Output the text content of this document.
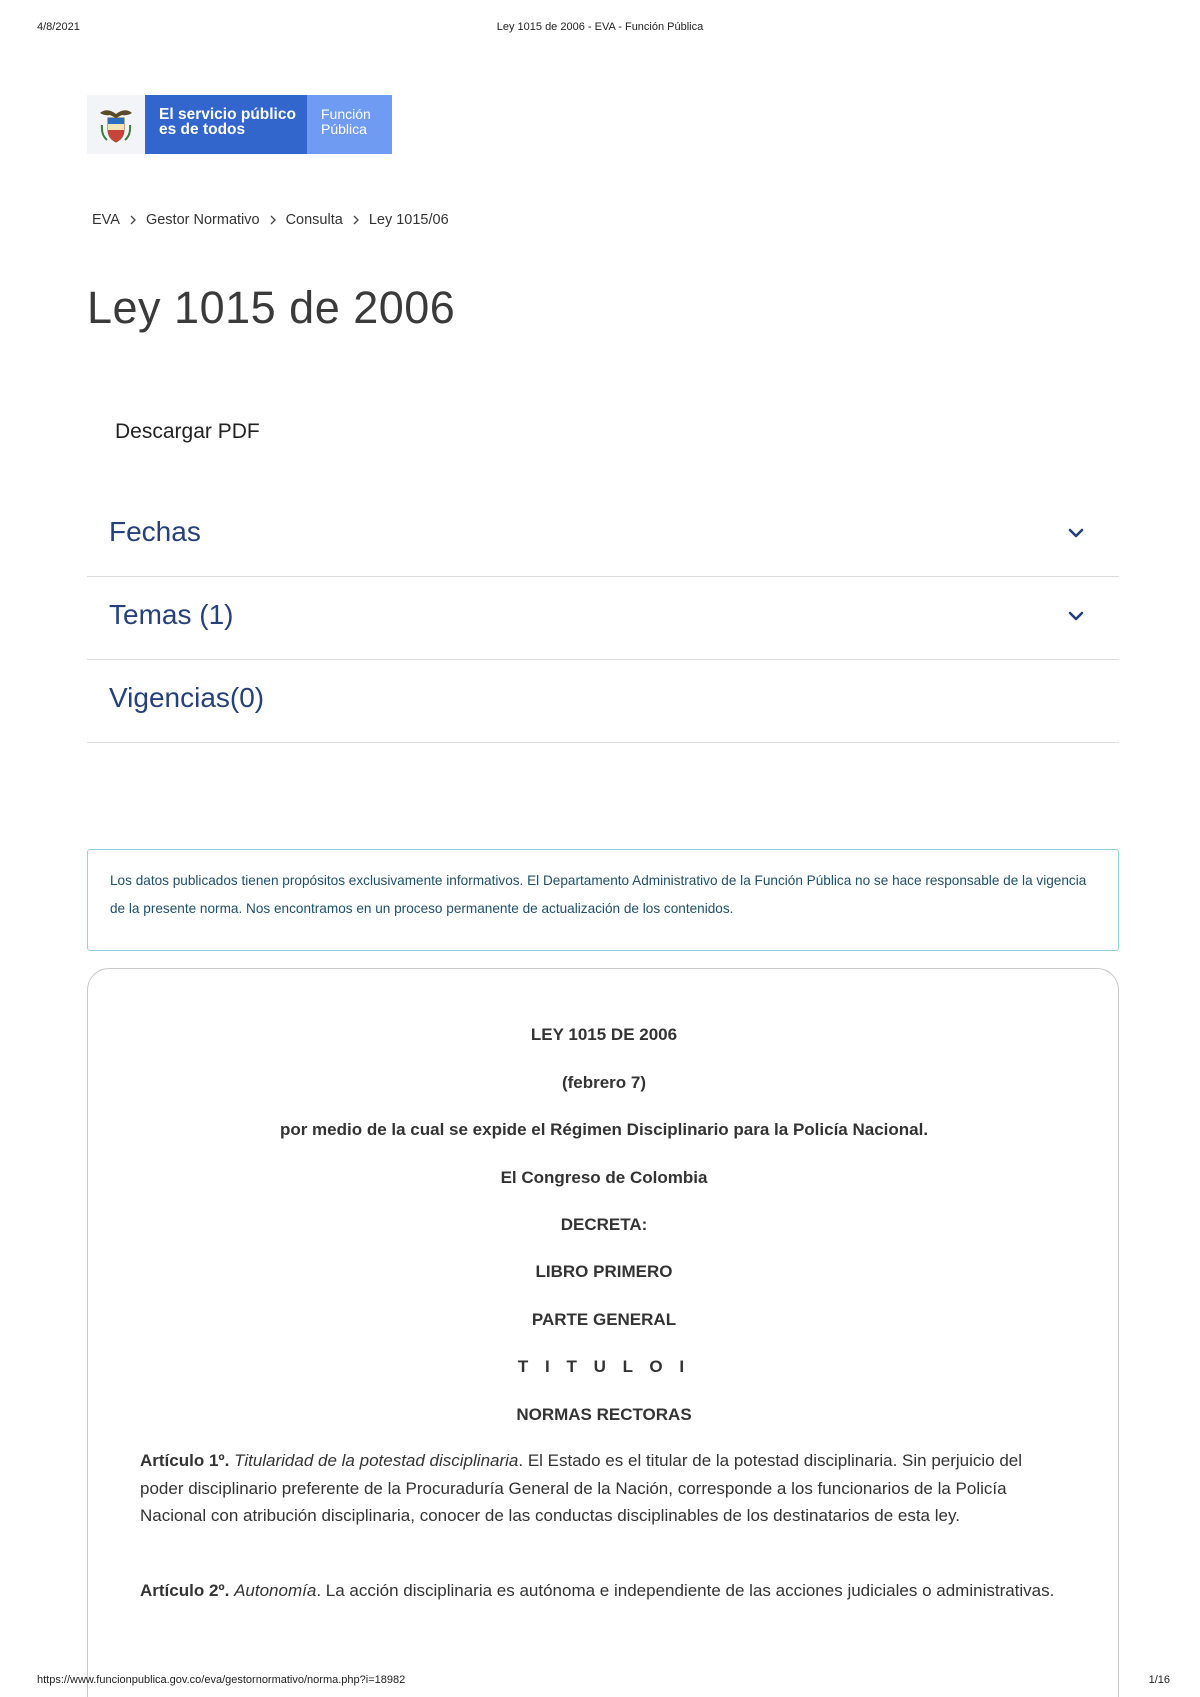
4/8/2021	Ley 1015 de 2006 - EVA - Función Pública
El servicio público
es de todos
Función
Pública
EVA Gestor Normativo Consulta Ley 1015/06
Ley 1015 de 2006
Descargar PDF
Fechas
Temas (1)
Vigencias(0)
Los datos publicados tienen propósitos exclusivamente informativos. El Departamento Administrativo de la Función Pública no se hace responsable de la vigencia de la presente norma. Nos encontramos en un proceso permanente de actualización de los contenidos.

LEY 1015 DE 2006

(febrero 7)

por medio de la cual se expide el Régimen Disciplinario para la Policía Nacional.

El Congreso de Colombia

DECRETA:

LIBRO PRIMERO

PARTE GENERAL

T I T U L O I

NORMAS RECTORAS

Artículo 1º. Titularidad de la potestad disciplinaria. El Estado es el titular de la potestad disciplinaria. Sin perjuicio del poder disciplinario preferente de la Procuraduría General de la Nación, corresponde a los funcionarios de la Policía Nacional con atribución disciplinaria, conocer de las conductas disciplinables de los destinatarios de esta ley.

Artículo 2º. Autonomía. La acción disciplinaria es autónoma e independiente de las acciones judiciales o administrativas.

https://www.funcionpublica.gov.co/eva/gestornormativo/norma.php?i=18982	1/16
